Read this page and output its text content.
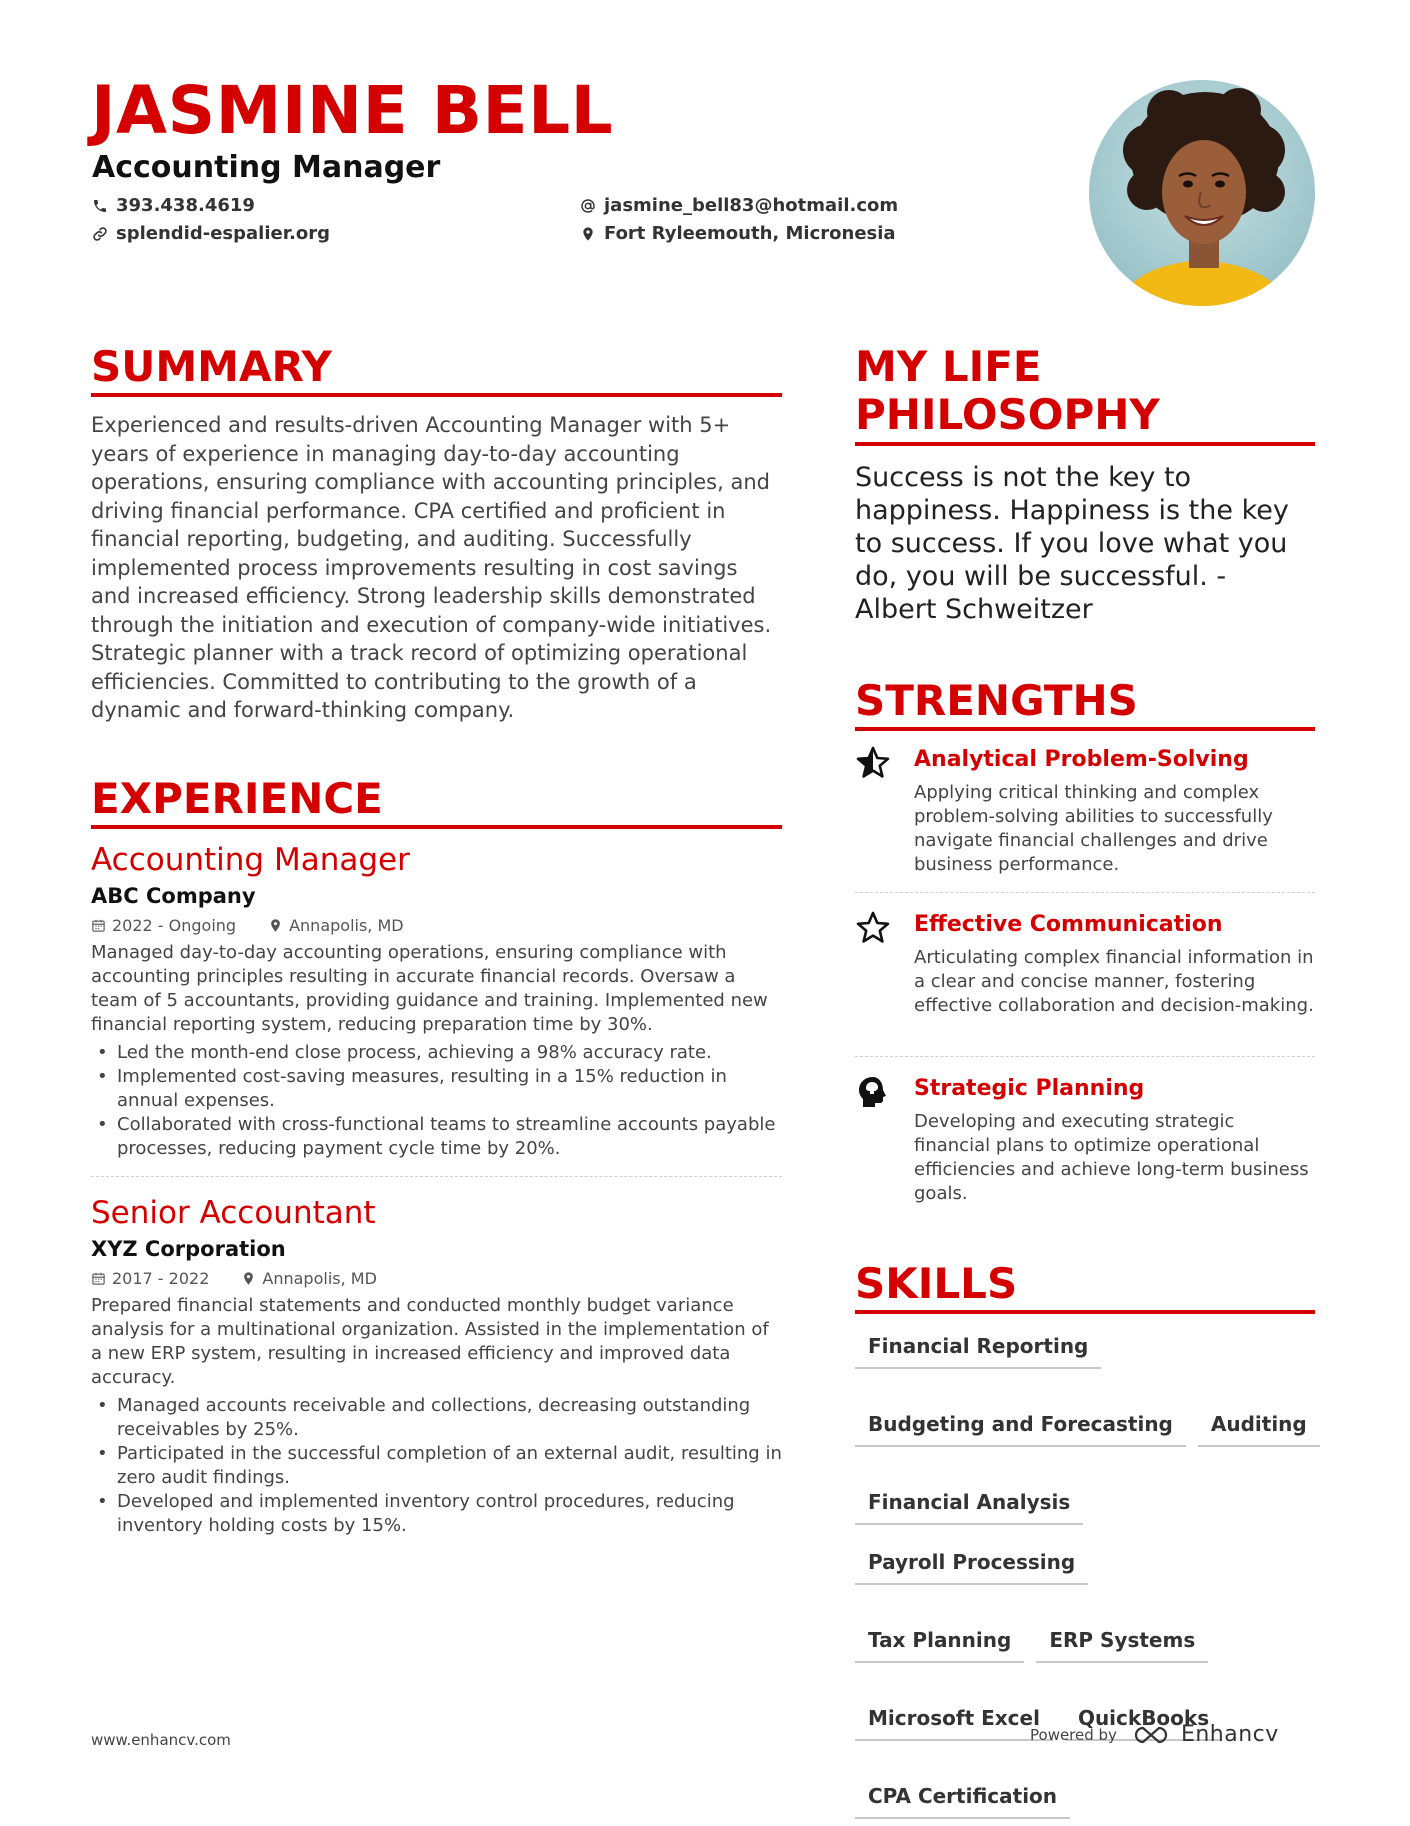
JASMINE BELL
Accounting Manager
393.438.4619
splendid-espalier.org
jasmine_bell83@hotmail.com
Fort Ryleemouth, Micronesia
SUMMARY
Experienced and results-driven Accounting Manager with 5+ years of experience in managing day-to-day accounting operations, ensuring compliance with accounting principles, and driving financial performance. CPA certified and proficient in financial reporting, budgeting, and auditing. Successfully implemented process improvements resulting in cost savings and increased efficiency. Strong leadership skills demonstrated through the initiation and execution of company-wide initiatives. Strategic planner with a track record of optimizing operational efficiencies. Committed to contributing to the growth of a dynamic and forward-thinking company.
EXPERIENCE
Accounting Manager
ABC Company
2022 - Ongoing	Annapolis, MD
Managed day-to-day accounting operations, ensuring compliance with accounting principles resulting in accurate financial records. Oversaw a team of 5 accountants, providing guidance and training. Implemented new financial reporting system, reducing preparation time by 30%.
• Led the month-end close process, achieving a 98% accuracy rate.
• Implemented cost-saving measures, resulting in a 15% reduction in annual expenses.
• Collaborated with cross-functional teams to streamline accounts payable processes, reducing payment cycle time by 20%.
Senior Accountant
XYZ Corporation
2017 - 2022	Annapolis, MD
Prepared financial statements and conducted monthly budget variance analysis for a multinational organization. Assisted in the implementation of a new ERP system, resulting in increased efficiency and improved data accuracy.
• Managed accounts receivable and collections, decreasing outstanding receivables by 25%.
• Participated in the successful completion of an external audit, resulting in zero audit findings.
• Developed and implemented inventory control procedures, reducing inventory holding costs by 15%.
MY LIFE PHILOSOPHY
Success is not the key to happiness. Happiness is the key to success. If you love what you do, you will be successful. - Albert Schweitzer
STRENGTHS
Analytical Problem-Solving
Applying critical thinking and complex problem-solving abilities to successfully navigate financial challenges and drive business performance.
Effective Communication
Articulating complex financial information in a clear and concise manner, fostering effective collaboration and decision-making.
Strategic Planning
Developing and executing strategic financial plans to optimize operational efficiencies and achieve long-term business goals.
SKILLS
Financial Reporting
Budgeting and Forecasting	Auditing
Financial Analysis
Payroll Processing
Tax Planning	ERP Systems
Microsoft Excel	QuickBooks
CPA Certification
www.enhancv.com	Powered by	Enhancv
